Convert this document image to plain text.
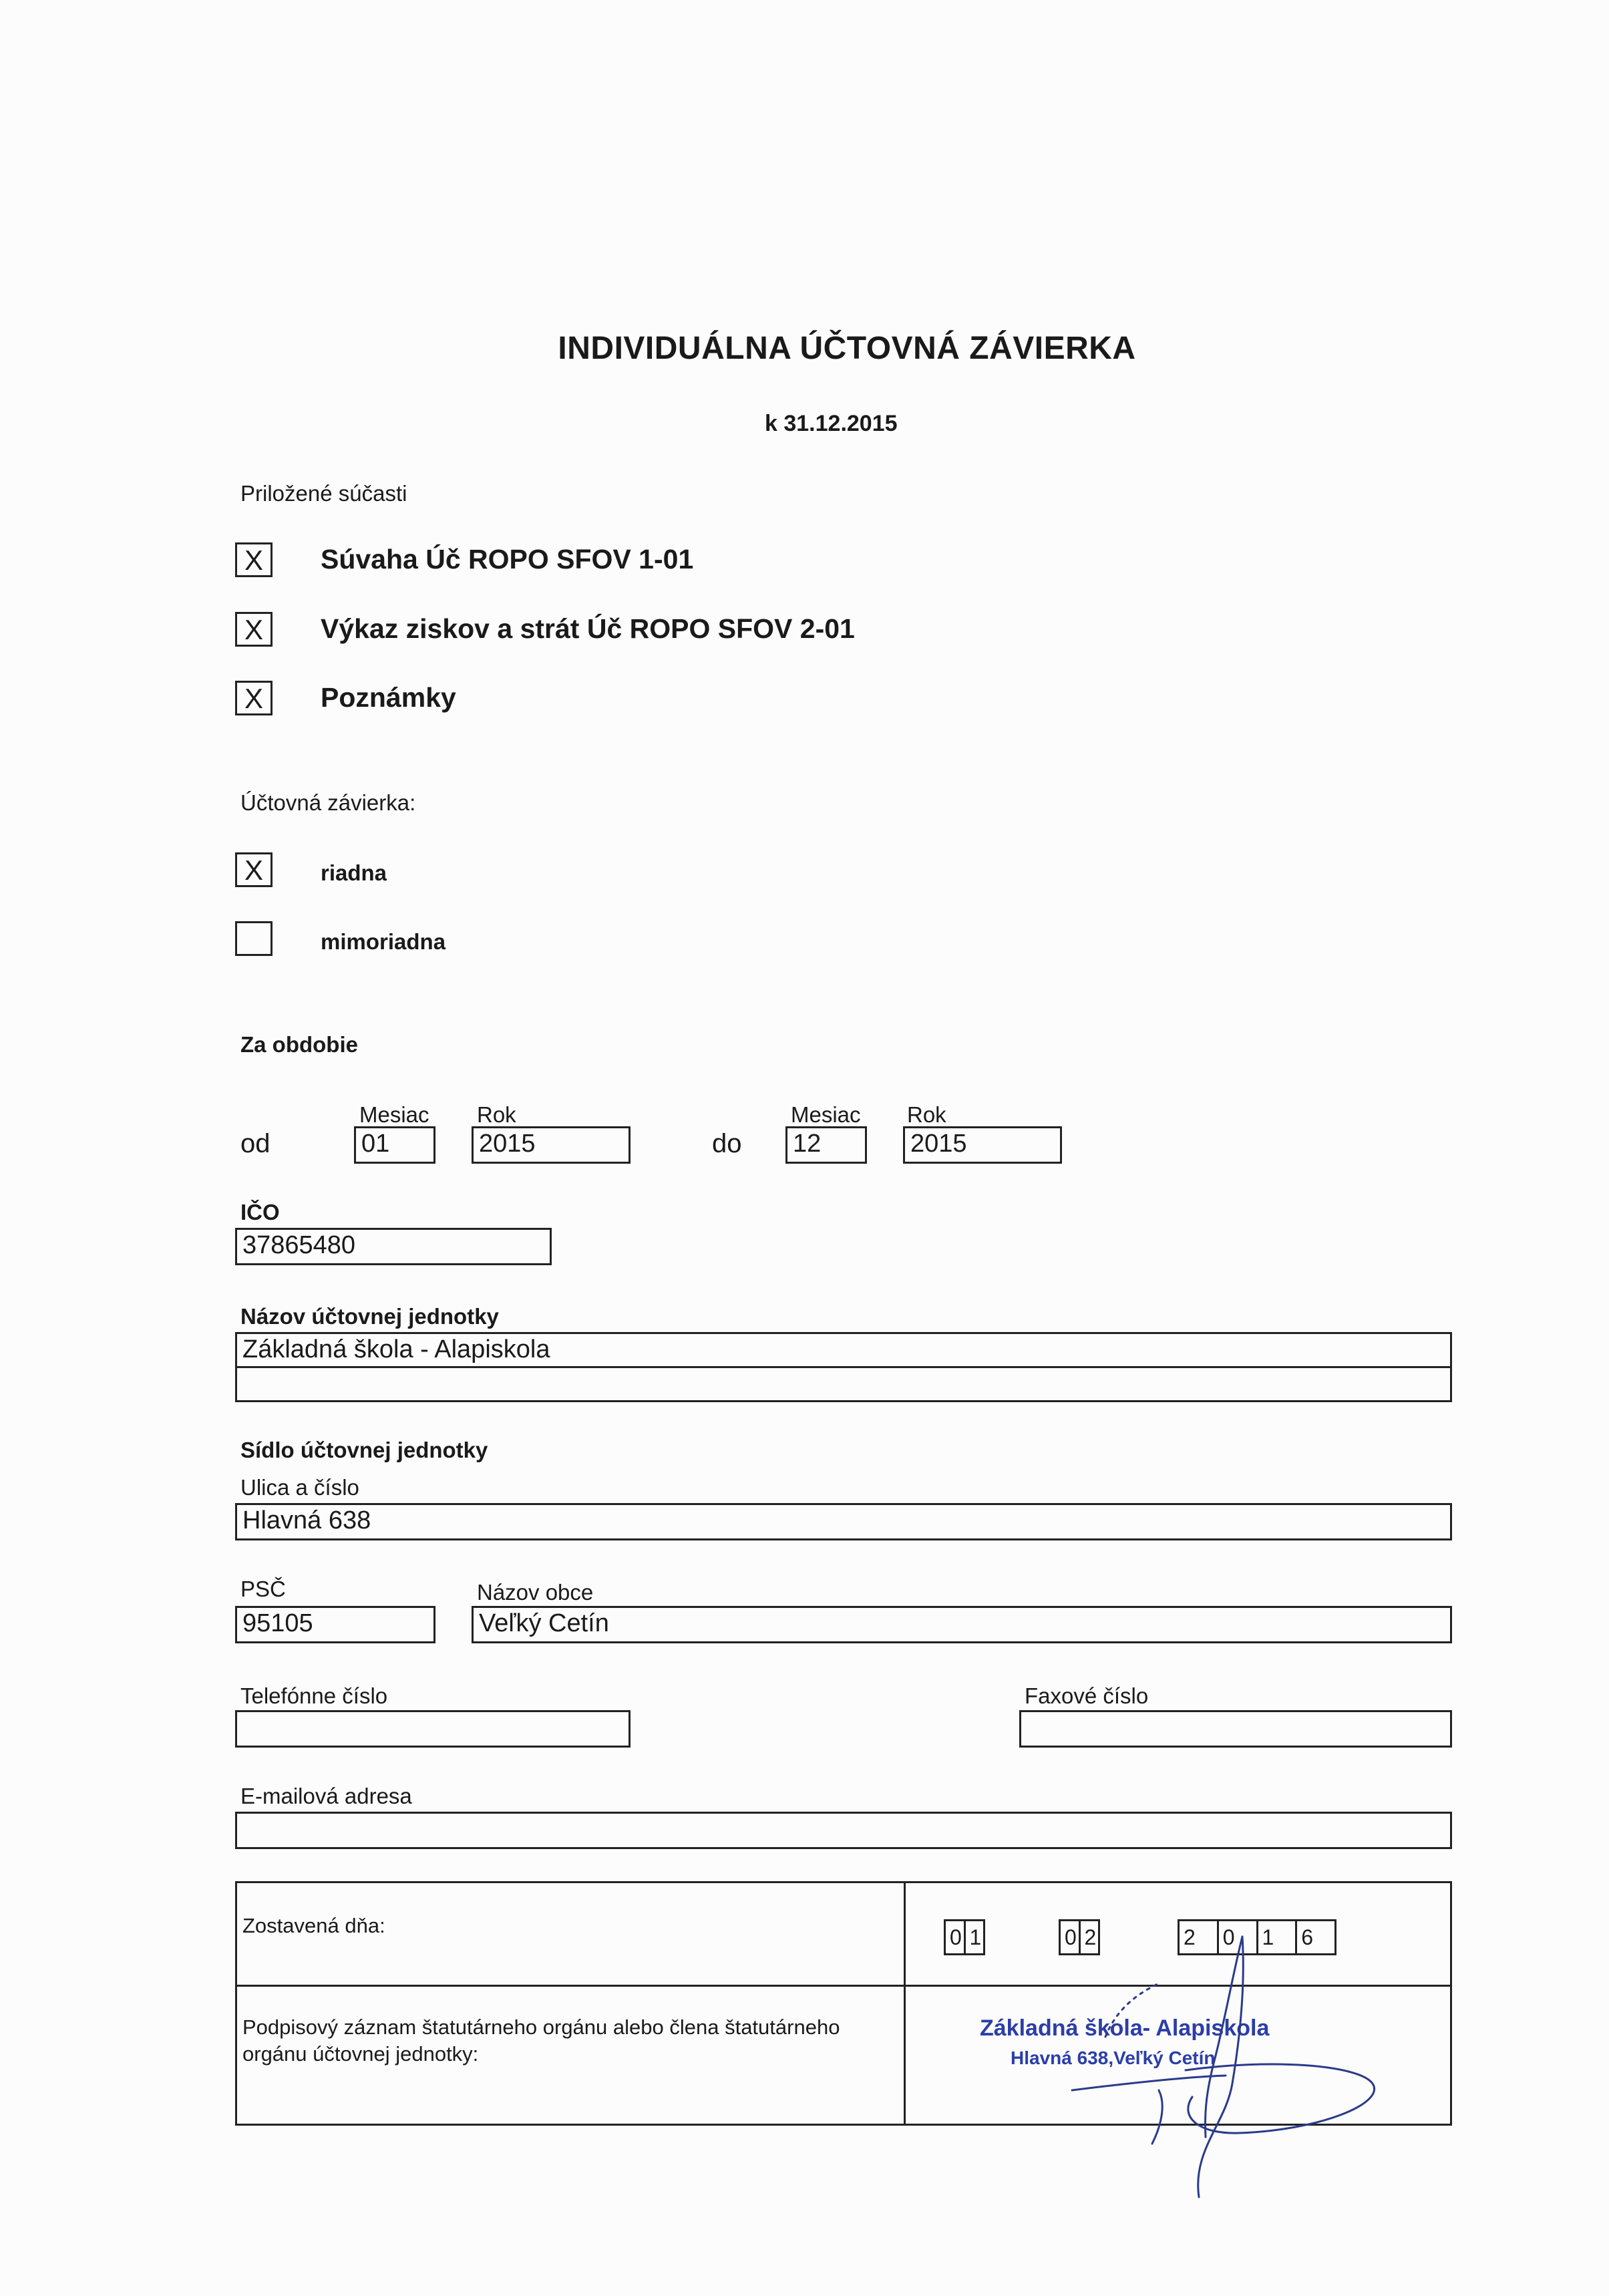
INDIVIDUÁLNA ÚČTOVNÁ ZÁVIERKA
k 31.12.2015
Priložené súčasti
X	Súvaha Úč ROPO SFOV 1-01
X	Výkaz ziskov a strát Úč ROPO SFOV 2-01
X	Poznámky
Účtovná závierka:
X	riadna
mimoriadna
Za obdobie
Mesiac Rok	Mesiac Rok
od	01	2015	do 12	2015
IČO
37865480
Názov účtovnej jednotky
Základná škola - Alapiskola
Sídlo účtovnej jednotky
Ulica a číslo
Hlavná 638
PSČ
95105
Názov obce
Veľký Cetín
Telefónne číslo	Faxové číslo
E-mailová adresa
Zostavená dňa:	0 1	0 2	2	0	1	6
Podpisový záznam štatutárneho orgánu alebo člena štatutárneho orgánu účtovnej jednotky:
Základná škola- Alapiskola
Hlavná 638,Veľký Cetín
